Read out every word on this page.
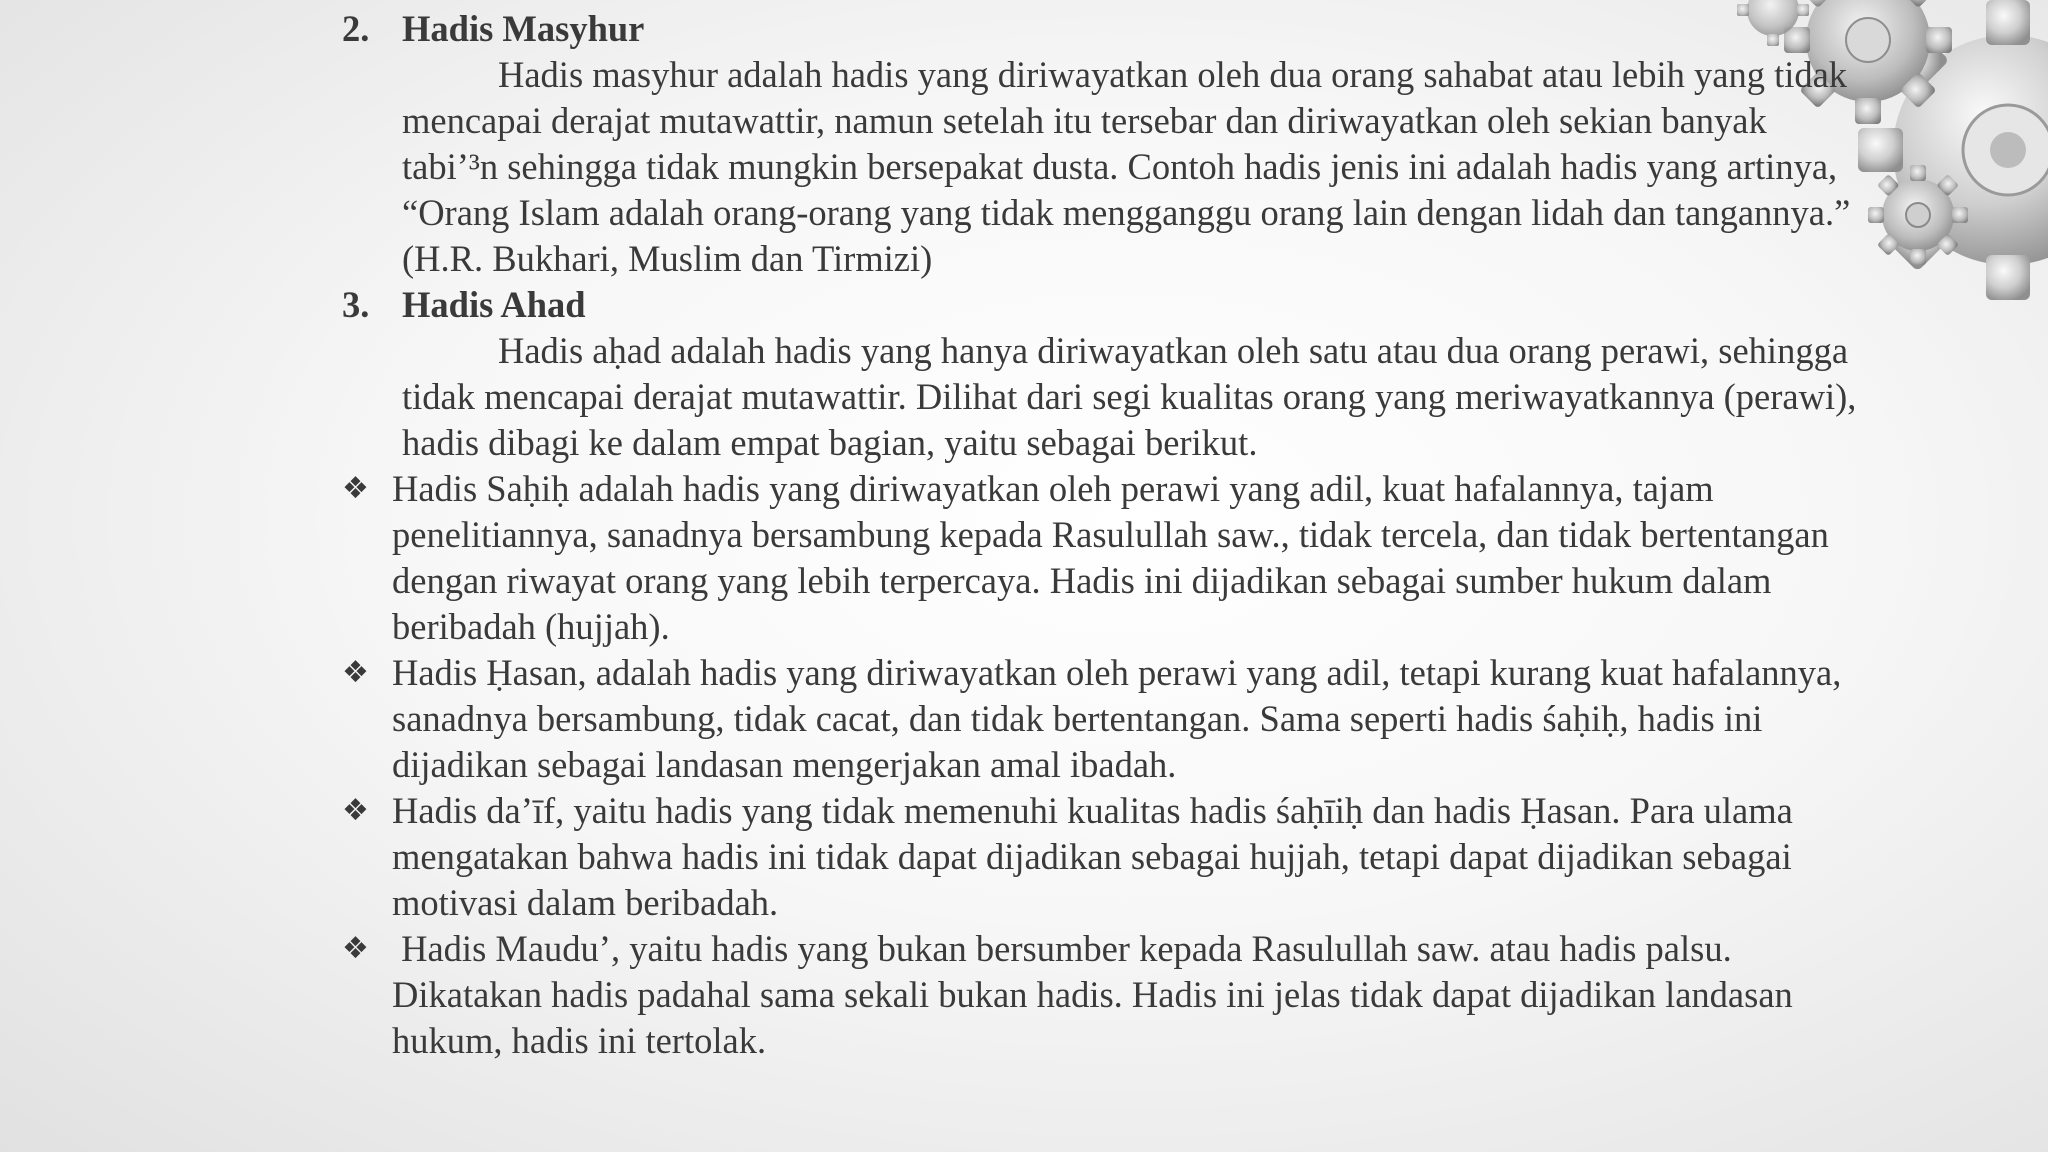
2. Hadis Masyhur
Hadis masyhur adalah hadis yang diriwayatkan oleh dua orang sahabat atau lebih yang tidak
mencapai derajat mutawattir, namun setelah itu tersebar dan diriwayatkan oleh sekian banyak
tabi’³n sehingga tidak mungkin bersepakat dusta. Contoh hadis jenis ini adalah hadis yang artinya,
“Orang Islam adalah orang-orang yang tidak mengganggu orang lain dengan lidah dan tangannya.”
(H.R. Bukhari, Muslim dan Tirmizi)
3. Hadis Ahad
Hadis aḥad adalah hadis yang hanya diriwayatkan oleh satu atau dua orang perawi, sehingga
tidak mencapai derajat mutawattir. Dilihat dari segi kualitas orang yang meriwayatkannya (perawi),
hadis dibagi ke dalam empat bagian, yaitu sebagai berikut.
❖ Hadis Saḥiḥ adalah hadis yang diriwayatkan oleh perawi yang adil, kuat hafalannya, tajam
penelitiannya, sanadnya bersambung kepada Rasulullah saw., tidak tercela, dan tidak bertentangan
dengan riwayat orang yang lebih terpercaya. Hadis ini dijadikan sebagai sumber hukum dalam
beribadah (hujjah).
❖ Hadis Ḥasan, adalah hadis yang diriwayatkan oleh perawi yang adil, tetapi kurang kuat hafalannya,
sanadnya bersambung, tidak cacat, dan tidak bertentangan. Sama seperti hadis śaḥiḥ, hadis ini
dijadikan sebagai landasan mengerjakan amal ibadah.
❖ Hadis da’īf, yaitu hadis yang tidak memenuhi kualitas hadis śaḥīiḥ dan hadis Ḥasan. Para ulama
mengatakan bahwa hadis ini tidak dapat dijadikan sebagai hujjah, tetapi dapat dijadikan sebagai
motivasi dalam beribadah.
❖ Hadis Maudu’, yaitu hadis yang bukan bersumber kepada Rasulullah saw. atau hadis palsu.
Dikatakan hadis padahal sama sekali bukan hadis. Hadis ini jelas tidak dapat dijadikan landasan
hukum, hadis ini tertolak.
